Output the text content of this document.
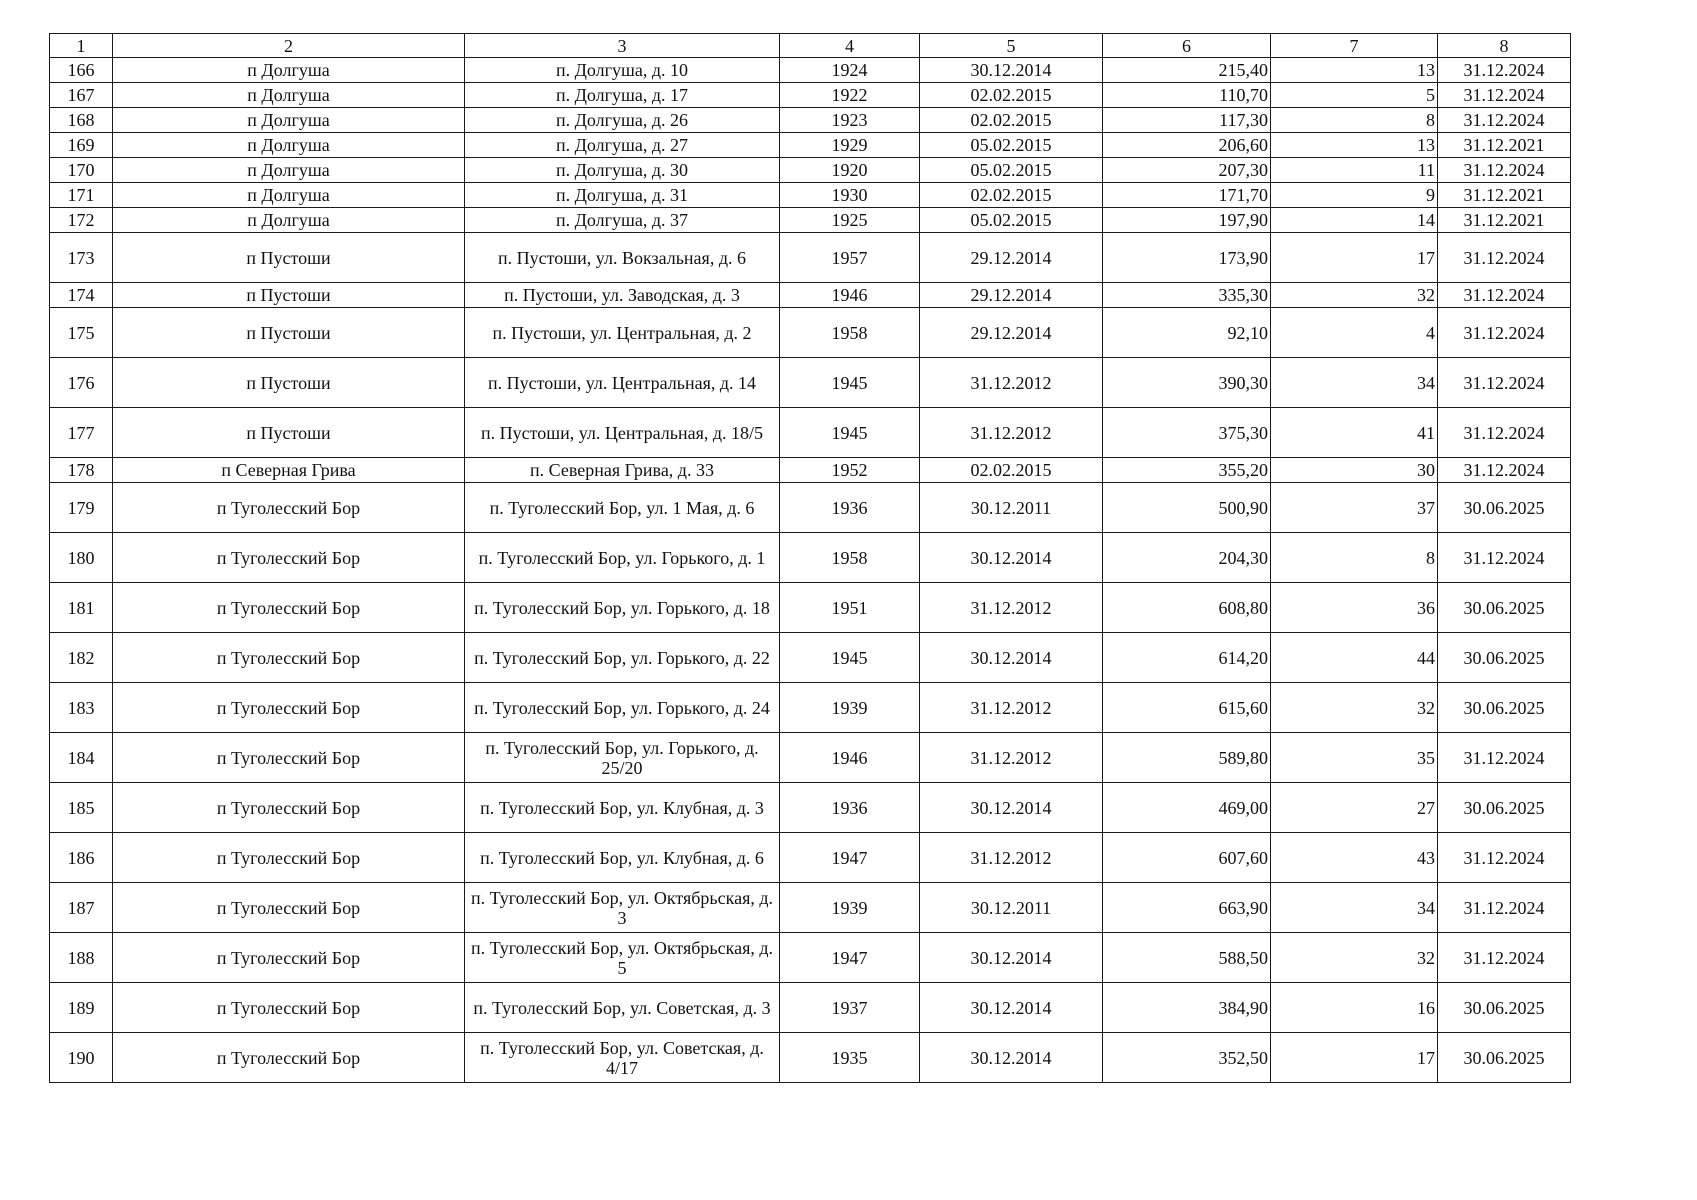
1	2	3	4	5	6	7	8
166	п Долгуша	п. Долгуша, д. 10	1924	30.12.2014	215,40	13	31.12.2024
167	п Долгуша	п. Долгуша, д. 17	1922	02.02.2015	110,70	5	31.12.2024
168	п Долгуша	п. Долгуша, д. 26	1923	02.02.2015	117,30	8	31.12.2024
169	п Долгуша	п. Долгуша, д. 27	1929	05.02.2015	206,60	13	31.12.2021
170	п Долгуша	п. Долгуша, д. 30	1920	05.02.2015	207,30	11	31.12.2024
171	п Долгуша	п. Долгуша, д. 31	1930	02.02.2015	171,70	9	31.12.2021
172	п Долгуша	п. Долгуша, д. 37	1925	05.02.2015	197,90	14	31.12.2021
173	п Пустоши	п. Пустоши, ул. Вокзальная, д. 6	1957	29.12.2014	173,90	17	31.12.2024
174	п Пустоши	п. Пустоши, ул. Заводская, д. 3	1946	29.12.2014	335,30	32	31.12.2024
175	п Пустоши	п. Пустоши, ул. Центральная, д. 2	1958	29.12.2014	92,10	4	31.12.2024
176	п Пустоши	п. Пустоши, ул. Центральная, д. 14	1945	31.12.2012	390,30	34	31.12.2024
177	п Пустоши	п. Пустоши, ул. Центральная, д. 18/5	1945	31.12.2012	375,30	41	31.12.2024
178	п Северная Грива	п. Северная Грива, д. 33	1952	02.02.2015	355,20	30	31.12.2024
179	п Туголесский Бор	п. Туголесский Бор, ул. 1 Мая, д. 6	1936	30.12.2011	500,90	37	30.06.2025
180	п Туголесский Бор	п. Туголесский Бор, ул. Горького, д. 1	1958	30.12.2014	204,30	8	31.12.2024
181	п Туголесский Бор	п. Туголесский Бор, ул. Горького, д. 18	1951	31.12.2012	608,80	36	30.06.2025
182	п Туголесский Бор	п. Туголесский Бор, ул. Горького, д. 22	1945	30.12.2014	614,20	44	30.06.2025
183	п Туголесский Бор	п. Туголесский Бор, ул. Горького, д. 24	1939	31.12.2012	615,60	32	30.06.2025
184	п Туголесский Бор	п. Туголесский Бор, ул. Горького, д. 25/20	1946	31.12.2012	589,80	35	31.12.2024
185	п Туголесский Бор	п. Туголесский Бор, ул. Клубная, д. 3	1936	30.12.2014	469,00	27	30.06.2025
186	п Туголесский Бор	п. Туголесский Бор, ул. Клубная, д. 6	1947	31.12.2012	607,60	43	31.12.2024
187	п Туголесский Бор	п. Туголесский Бор, ул. Октябрьская, д. 3	1939	30.12.2011	663,90	34	31.12.2024
188	п Туголесский Бор	п. Туголесский Бор, ул. Октябрьская, д. 5	1947	30.12.2014	588,50	32	31.12.2024
189	п Туголесский Бор	п. Туголесский Бор, ул. Советская, д. 3	1937	30.12.2014	384,90	16	30.06.2025
190	п Туголесский Бор	п. Туголесский Бор, ул. Советская, д. 4/17	1935	30.12.2014	352,50	17	30.06.2025
